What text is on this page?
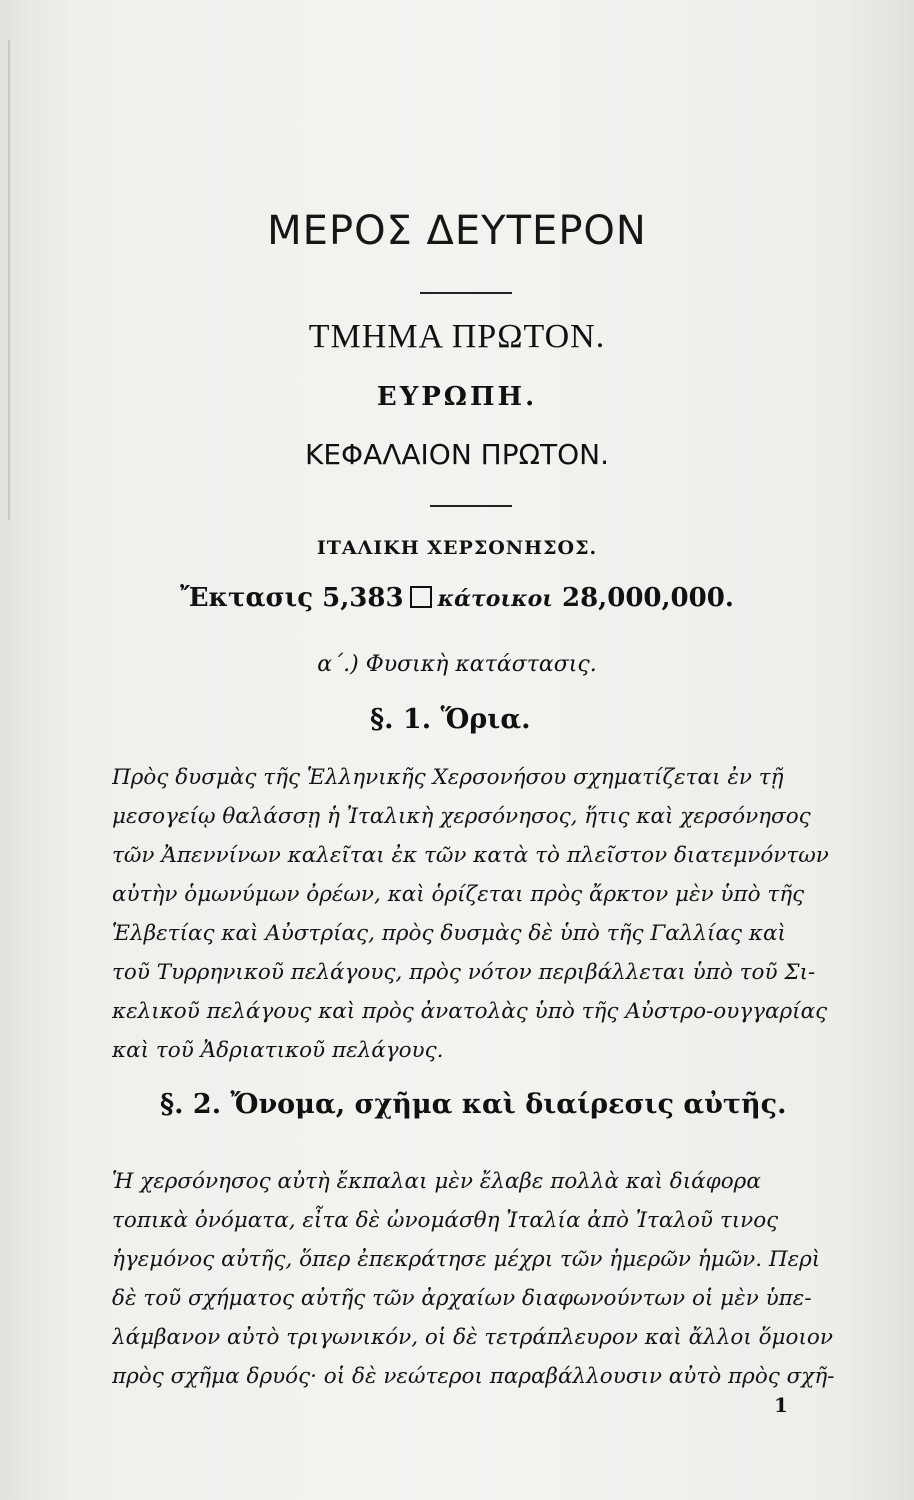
ΜΕΡΟΣ ΔΕΥΤΕΡΟΝ
ΤΜΗΜΑ ΠΡΩΤΟΝ.
ΕΥΡΩΠΗ.
ΚΕΦΑΛΑΙΟΝ ΠΡΩΤΟΝ.
ΙΤΑΛΙΚΗ ΧΕΡΣΟΝΗΣΟΣ.
Ἔκτασις 5,383 κάτοικοι 28,000,000.
α΄.) Φυσικὴ κατάστασις.
§. 1. Ὅρια.
Πρὸς δυσμὰς τῆς Ἑλληνικῆς Χερσονήσου σχηματίζεται ἐν τῇ
μεσογείῳ θαλάσσῃ ἡ Ἰταλικὴ χερσόνησος, ἥτις καὶ χερσόνησος
τῶν Ἀπεννίνων καλεῖται ἐκ τῶν κατὰ τὸ πλεῖστον διατεμνόντων
αὐτὴν ὁμωνύμων ὀρέων, καὶ ὁρίζεται πρὸς ἄρκτον μὲν ὑπὸ τῆς
Ἑλβετίας καὶ Αὐστρίας, πρὸς δυσμὰς δὲ ὑπὸ τῆς Γαλλίας καὶ
τοῦ Τυρρηνικοῦ πελάγους, πρὸς νότον περιβάλλεται ὑπὸ τοῦ Σι-
κελικοῦ πελάγους καὶ πρὸς ἀνατολὰς ὑπὸ τῆς Αὐστρο-ουγγαρίας
καὶ τοῦ Ἀδριατικοῦ πελάγους.
§. 2. Ὄνομα, σχῆμα καὶ διαίρεσις αὐτῆς.
Ἡ χερσόνησος αὐτὴ ἔκπαλαι μὲν ἔλαβε πολλὰ καὶ διάφορα
τοπικὰ ὀνόματα, εἶτα δὲ ὠνομάσθη Ἰταλία ἀπὸ Ἰταλοῦ τινος
ἡγεμόνος αὐτῆς, ὅπερ ἐπεκράτησε μέχρι τῶν ἡμερῶν ἡμῶν. Περὶ
δὲ τοῦ σχήματος αὐτῆς τῶν ἀρχαίων διαφωνούντων οἱ μὲν ὑπε-
λάμβανον αὐτὸ τριγωνικόν, οἱ δὲ τετράπλευρον καὶ ἄλλοι ὅμοιον
πρὸς σχῆμα δρυός· οἱ δὲ νεώτεροι παραβάλλουσιν αὐτὸ πρὸς σχῆ-
1
